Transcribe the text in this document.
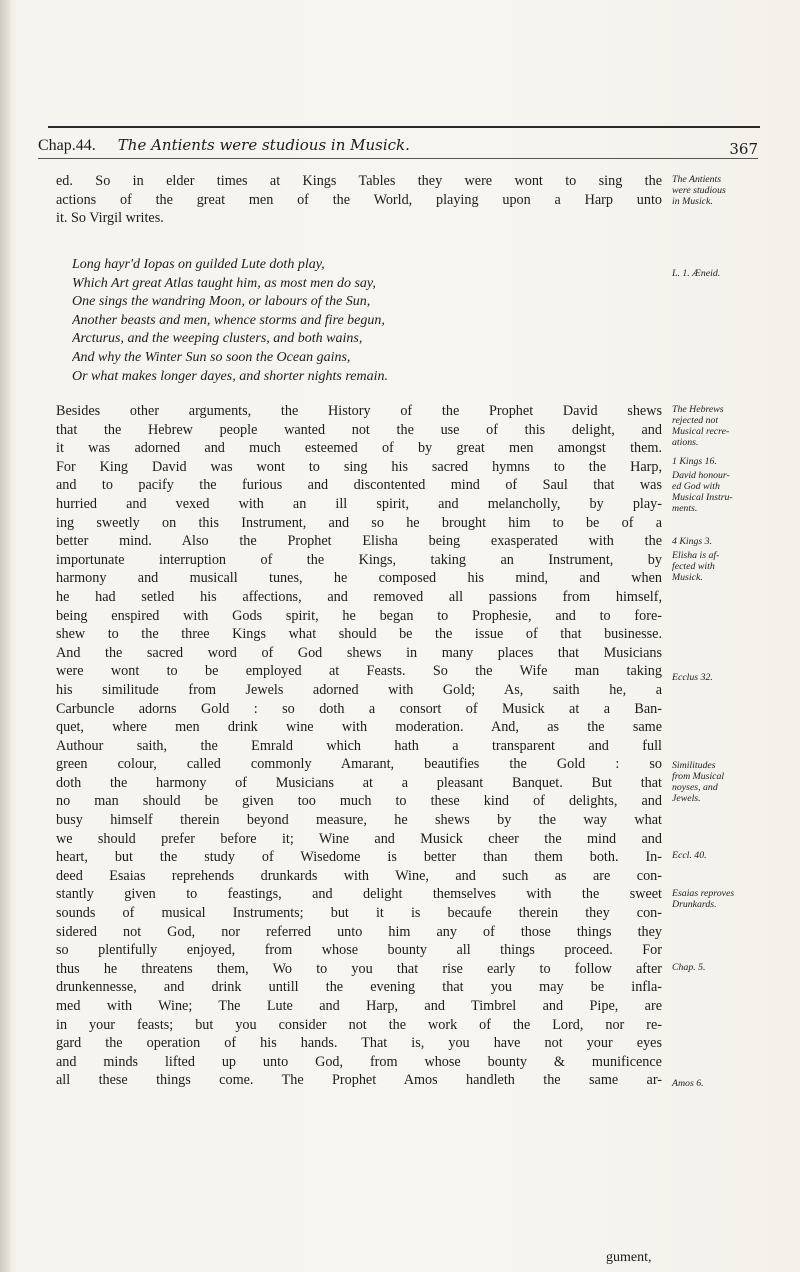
Chap.44. The Antients were studious in Musick.	367
ed. So in elder times at Kings Tables they were wont to sing the
actions of the great men of the World, playing upon a Harp unto
it. So Virgil writes.
Long hayr'd Iopas on guilded Lute doth play,
Which Art great Atlas taught him, as most men do say,
One sings the wandring Moon, or labours of the Sun,
Another beasts and men, whence storms and fire begun,
Arcturus, and the weeping clusters, and both wains,
And why the Winter Sun so soon the Ocean gains,
Or what makes longer dayes, and shorter nights remain.
Besides other arguments, the History of the Prophet David shews
that the Hebrew people wanted not the use of this delight, and
it was adorned and much esteemed of by great men amongst them.
For King David was wont to sing his sacred hymns to the Harp,
and to pacify the furious and discontented mind of Saul that was
hurried and vexed with an ill spirit, and melancholly, by play-
ing sweetly on this Instrument, and so he brought him to be of a
better mind. Also the Prophet Elisha being exasperated with the
importunate interruption of the Kings, taking an Instrument, by
harmony and musicall tunes, he composed his mind, and when
he had setled his affections, and removed all passions from himself,
being enspired with Gods spirit, he began to Prophesie, and to fore-
shew to the three Kings what should be the issue of that businesse.
And the sacred word of God shews in many places that Musicians
were wont to be employed at Feasts. So the Wife man taking
his similitude from Jewels adorned with Gold; As, saith he, a
Carbuncle adorns Gold : so doth a consort of Musick at a Ban-
quet, where men drink wine with moderation. And, as the same
Authour saith, the Emrald which hath a transparent and full
green colour, called commonly Amarant, beautifies the Gold : so
doth the harmony of Musicians at a pleasant Banquet. But that
no man should be given too much to these kind of delights, and
busy himself therein beyond measure, he shews by the way what
we should prefer before it; Wine and Musick cheer the mind and
heart, but the study of Wisedome is better than them both. In-
deed Esaias reprehends drunkards with Wine, and such as are con-
stantly given to feastings, and delight themselves with the sweet
sounds of musical Instruments; but it is becaufe therein they con-
sidered not God, nor referred unto him any of those things they
so plentifully enjoyed, from whose bounty all things proceed. For
thus he threatens them, Wo to you that rise early to follow after
drunkennesse, and drink untill the evening that you may be infla-
med with Wine; The Lute and Harp, and Timbrel and Pipe, are
in your feasts; but you consider not the work of the Lord, nor re-
gard the operation of his hands. That is, you have not your eyes
and minds lifted up unto God, from whose bounty & munificence
all these things come. The Prophet Amos handleth the same ar-
gument,
The Antients
were studious
in Musick.
L. 1. Æneid.
The Hebrews
rejected not
Musical recre-
ations.
1 Kings 16.
David honour-
ed God with
Musical Instru-
ments.
4 Kings 3.
Elisha is af-
fected with
Musick.
Ecclus 32.
Similitudes
from Musical
noyses, and
Jewels.
Eccl. 40.
Esaias reproves
Drunkards.
Chap. 5.
Amos 6.
